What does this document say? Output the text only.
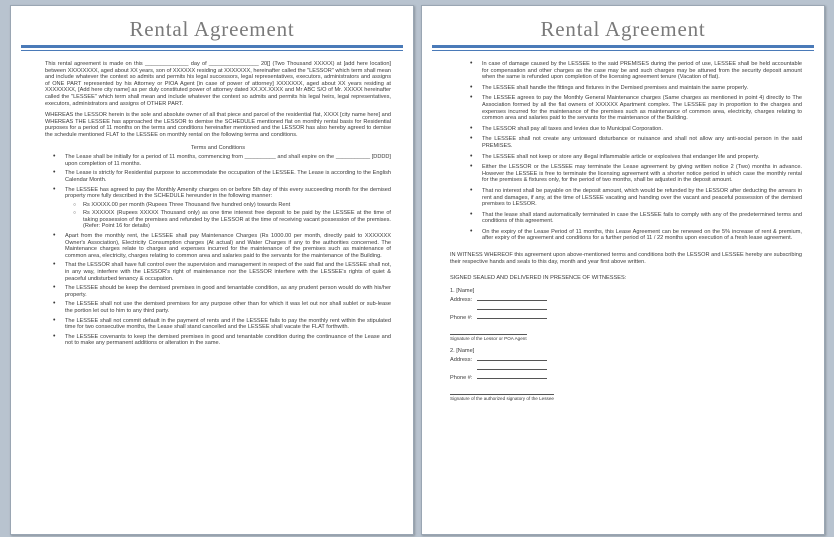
Rental Agreement

This rental agreement is made on this ______________ day of ________________ 20[] (Two Thousand XXXXX) at [add here location] between XXXXXXXX, aged about XX years, son of XXXXXX residing at XXXXXXX, hereinafter called the "LESSOR" which term shall mean and include whatever the context so admits and permits his legal successors, legal representatives, executors, administrators and assigns of ONE PART represented by his Attorney or PIOA Agent [in case of power of attorney] XXXXXXX, aged about XX years residing at XXXXXXXX, [Add here city name] as per duly constituted power of attorney dated XX.XX.XXXX and Mr ABC S/O of Mr. XXXXX hereinafter called the "LESSEE" which term shall mean and include whatever the context so admits and permits his legal heirs, legal representatives, executors, administrators and assigns of OTHER PART.

WHEREAS the LESSOR herein is the sole and absolute owner of all that piece and parcel of the residential flat, XXXX [city name here] and WHEREAS THE LESSEE has approached the LESSOR to demise the SCHEDULE mentioned flat on monthly rental basis for Residential purposes for a period of 11 months on the terms and conditions hereinafter mentioned and the LESSOR has also hereby agreed to demise the schedule mentioned FLAT to the LESSEE on monthly rental on the following terms and conditions.

Terms and Conditions
• The Lease shall be initially for a period of 11 months, commencing from __________ and shall expire on the ___________ [DDDD] upon completion of 11 months.
• The Lease is strictly for Residential purpose to accommodate the occupation of the LESSEE. The Lease is according to the English Calendar Month.
• The LESSEE has agreed to pay the Monthly Amenity charges on or before 5th day of this every succeeding month for the demised property more fully described in the SCHEDULE hereunder in the following manner:
○ Rs XXXXX.00 per month (Rupees Three Thousand five hundred only) towards Rent
○ Rs XXXXXX (Rupees XXXXX Thousand only) as one time interest free deposit to be paid by the LESSEE at the time of taking possession of the premises and refunded by the LESSOR at the time of receiving vacant possession of the premises. (Refer: Point 16 for details)
• Apart from the monthly rent, the LESSEE shall pay Maintenance Charges (Rs 1000.00 per month, directly paid to XXXXXXX Owner's Association), Electricity Consumption charges (At actual) and Water Charges if any to the authorities concerned. The Maintenance charges relate to charges and expenses incurred for the maintenance of the premises such as maintenance of common area, electricity, charges relating to common area and salaries paid to the servants for the maintenance of the Building.
• That the LESSOR shall have full control over the supervision and management in respect of the said flat and the LESSEE shall not, in any way, interfere with the LESSOR's right of maintenance nor the LESSOR interfere with the LESSEE's rights of quiet & peaceful undisturbed tenancy & occupation.
• The LESSEE should be keep the demised premises in good and tenantable condition, as any prudent person would do with his/her property.
• The LESSEE shall not use the demised premises for any purpose other than for which it was let out nor shall sublet or sub-lease the portion let out to him to any third party.
• The LESSEE shall not commit default in the payment of rents and if the LESSEE fails to pay the monthly rent within the stipulated time for two consecutive months, the Lease shall stand cancelled and the LESSEE shall vacate the FLAT forthwith.
• The LESSEE covenants to keep the demised premises in good and tenantable condition during the continuance of the Lease and not to make any permanent additions or alteration in the same.
Rental Agreement
• In case of damage caused by the LESSEE to the said PREMISES during the period of use, LESSEE shall be held accountable for compensation and other charges as the case may be and such charges may be attuned from the security deposit amount when the same is refunded upon completion of the licensing agreement tenure (Vacation of flat).
• The LESSEE shall handle the fittings and fixtures in the Demised premises and maintain the same properly.
• The LESSEE agrees to pay the Monthly General Maintenance charges (Same charges as mentioned in point 4) directly to The Association formed by all the flat owners of XXXXXX Apartment complex. The LESSEE pay in proportion to the charges and expenses incurred for the maintenance of the premises such as maintenance of common area, electricity, charges relating to common area and salaries paid to the servants for the maintenance of the Building.
• The LESSOR shall pay all taxes and levies due to Municipal Corporation.
• The LESSEE shall not create any untoward disturbance or nuisance and shall not allow any anti-social person in the said PREMISES.
• The LESSEE shall not keep or store any illegal inflammable article or explosives that endanger life and property.
• Either the LESSOR or the LESSEE may terminate the Lease agreement by giving written notice 2 (Two) months in advance. However the LESSEE is free to terminate the licensing agreement with a shorter notice period in which case the monthly rental for the premises & fixtures only, for the period of two months, shall be adjusted in the deposit amount.
• That no interest shall be payable on the deposit amount, which would be refunded by the LESSOR after deducting the arrears in rent and damages, if any, at the time of LESSEE vacating and handing over the vacant and peaceful possession of the demised premises to LESSOR.
• That the lease shall stand automatically terminated in case the LESSEE fails to comply with any of the predetermined terms and conditions of this agreement.
• On the expiry of the Lease Period of 11 months, this Lease Agreement can be renewed on the 5% increase of rent & premium, after expiry of the agreement and conditions for a further period of 11 / 22 months upon execution of a fresh lease agreement.

IN WITNESS WHEREOF this agreement upon above-mentioned terms and conditions both the LESSOR and LESSEE hereby are subscribing their respective hands and seals to this day, month and year first above written.

SIGNED SEALED AND DELIVERED IN PRESENCE OF WITNESSES:

1. [Name]
Address:

Phone #:
Signature of the Lessor or POA Agent
2. [Name]
Address:

Phone #:
Signature of the authorized signatory of the Lessee
